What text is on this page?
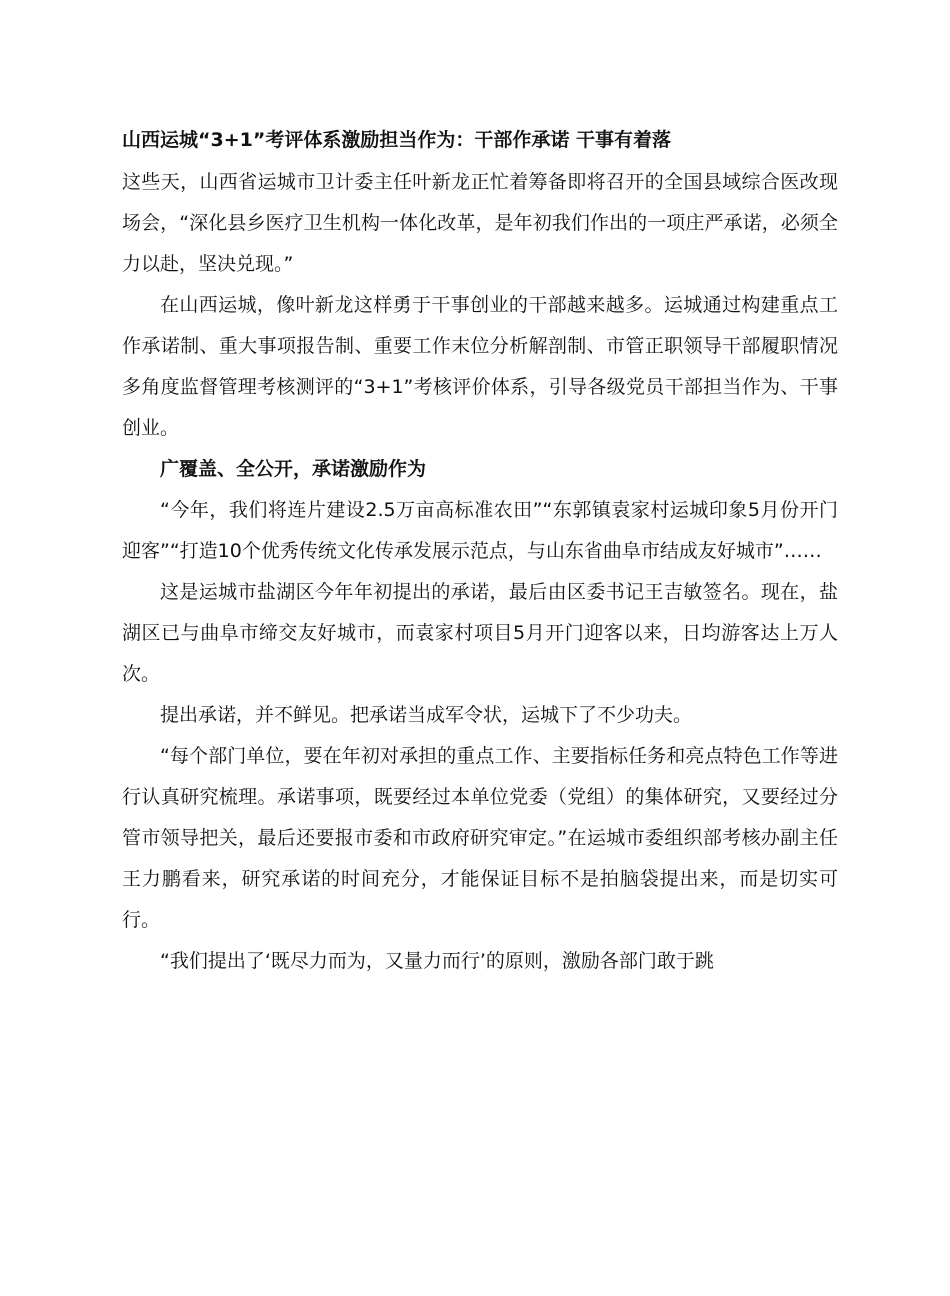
山西运城“3+1”考评体系激励担当作为：干部作承诺 干事有着落

这些天，山西省运城市卫计委主任叶新龙正忙着筹备即将召开的全国县域综合医改现场会，“深化县乡医疗卫生机构一体化改革，是年初我们作出的一项庄严承诺，必须全力以赴，坚决兑现。”

在山西运城，像叶新龙这样勇于干事创业的干部越来越多。运城通过构建重点工作承诺制、重大事项报告制、重要工作末位分析解剖制、市管正职领导干部履职情况多角度监督管理考核测评的“3+1”考核评价体系，引导各级党员干部担当作为、干事创业。

广覆盖、全公开，承诺激励作为

“今年，我们将连片建设2.5万亩高标准农田”“东郭镇袁家村运城印象5月份开门迎客”“打造10个优秀传统文化传承发展示范点，与山东省曲阜市结成友好城市”……

这是运城市盐湖区今年年初提出的承诺，最后由区委书记王吉敏签名。现在，盐湖区已与曲阜市缔交友好城市，而袁家村项目5月开门迎客以来，日均游客达上万人次。

提出承诺，并不鲜见。把承诺当成军令状，运城下了不少功夫。

“每个部门单位，要在年初对承担的重点工作、主要指标任务和亮点特色工作等进行认真研究梳理。承诺事项，既要经过本单位党委（党组）的集体研究，又要经过分管市领导把关，最后还要报市委和市政府研究审定。”在运城市委组织部考核办副主任王力鹏看来，研究承诺的时间充分，才能保证目标不是拍脑袋提出来，而是切实可行。

“我们提出了‘既尽力而为，又量力而行’的原则，激励各部门敢于跳
